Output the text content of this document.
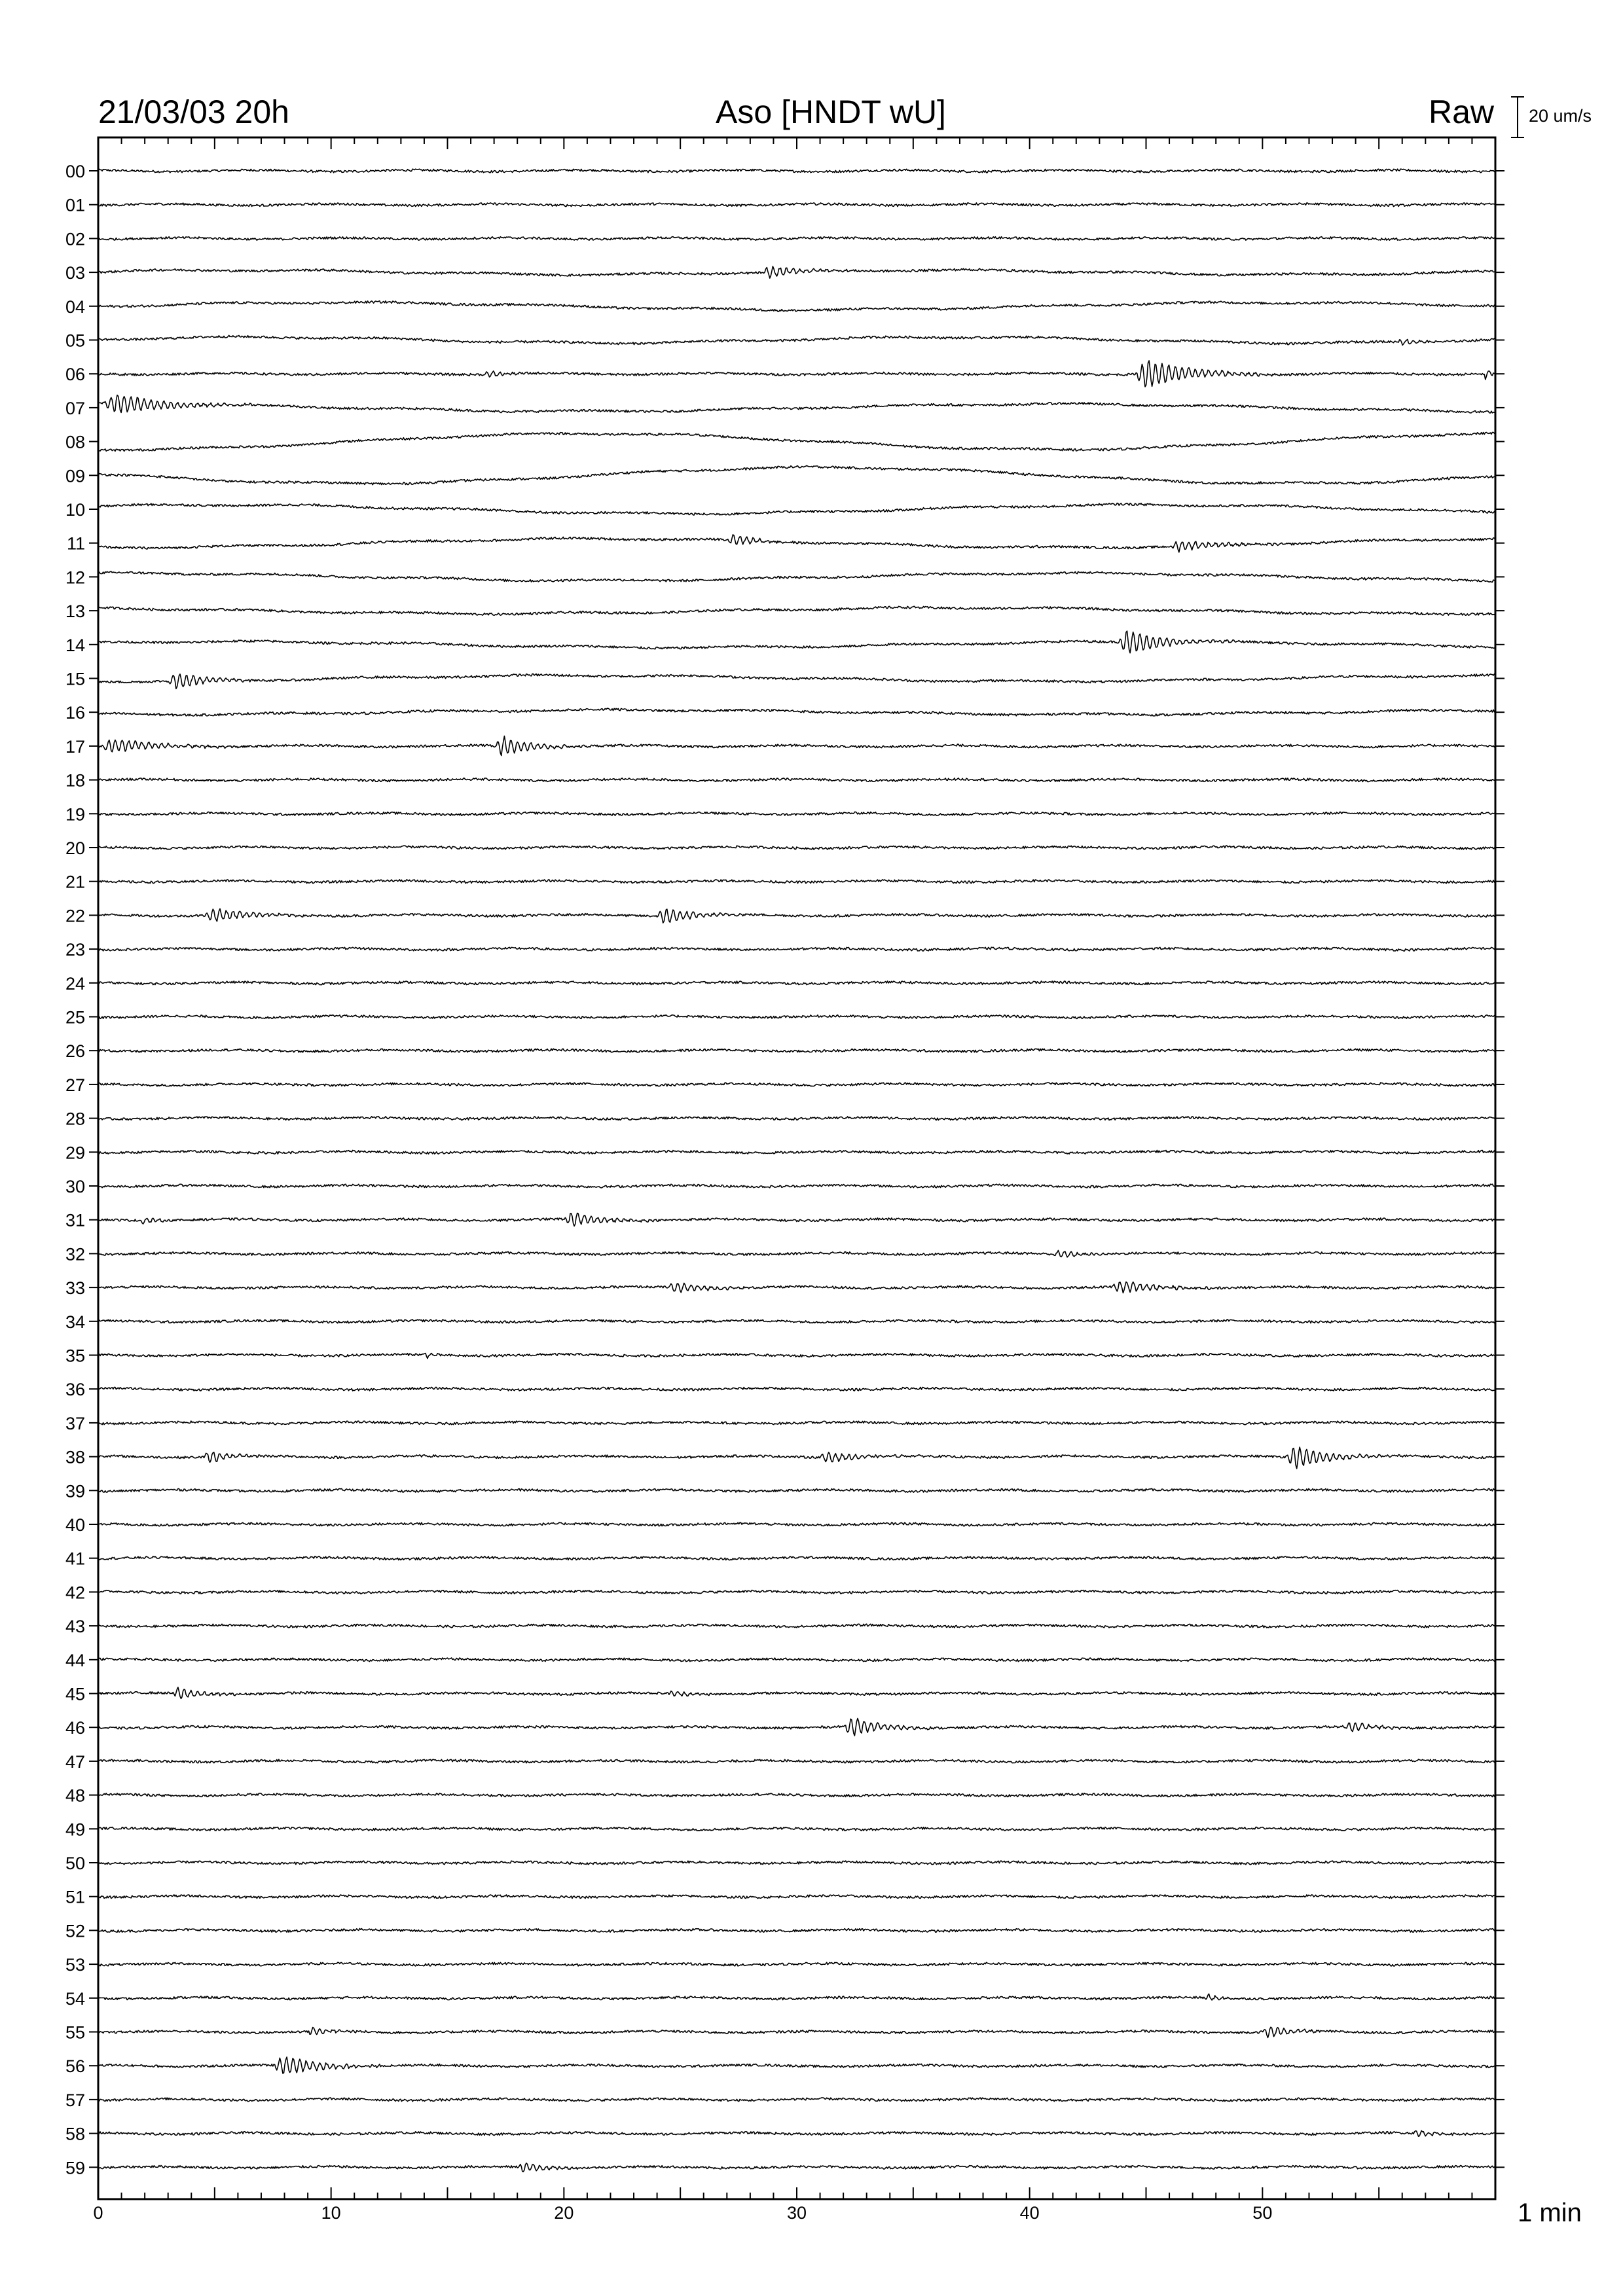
21/03/03 20h	Aso [HNDT wU]	Raw 20 um/s
00
01
02
03
04
05
06
07
08
09
10
11
12
13
14
15
16
17
18
19
20
21
22
23
24
25
26
27
28
29
30
31
32
33
34
35
36
37
38
39
40
41
42
43
44
45
46
47
48
49
50
51
52
53
54
55
56
57
58
59
0	10	20	30	40	50	1 min
